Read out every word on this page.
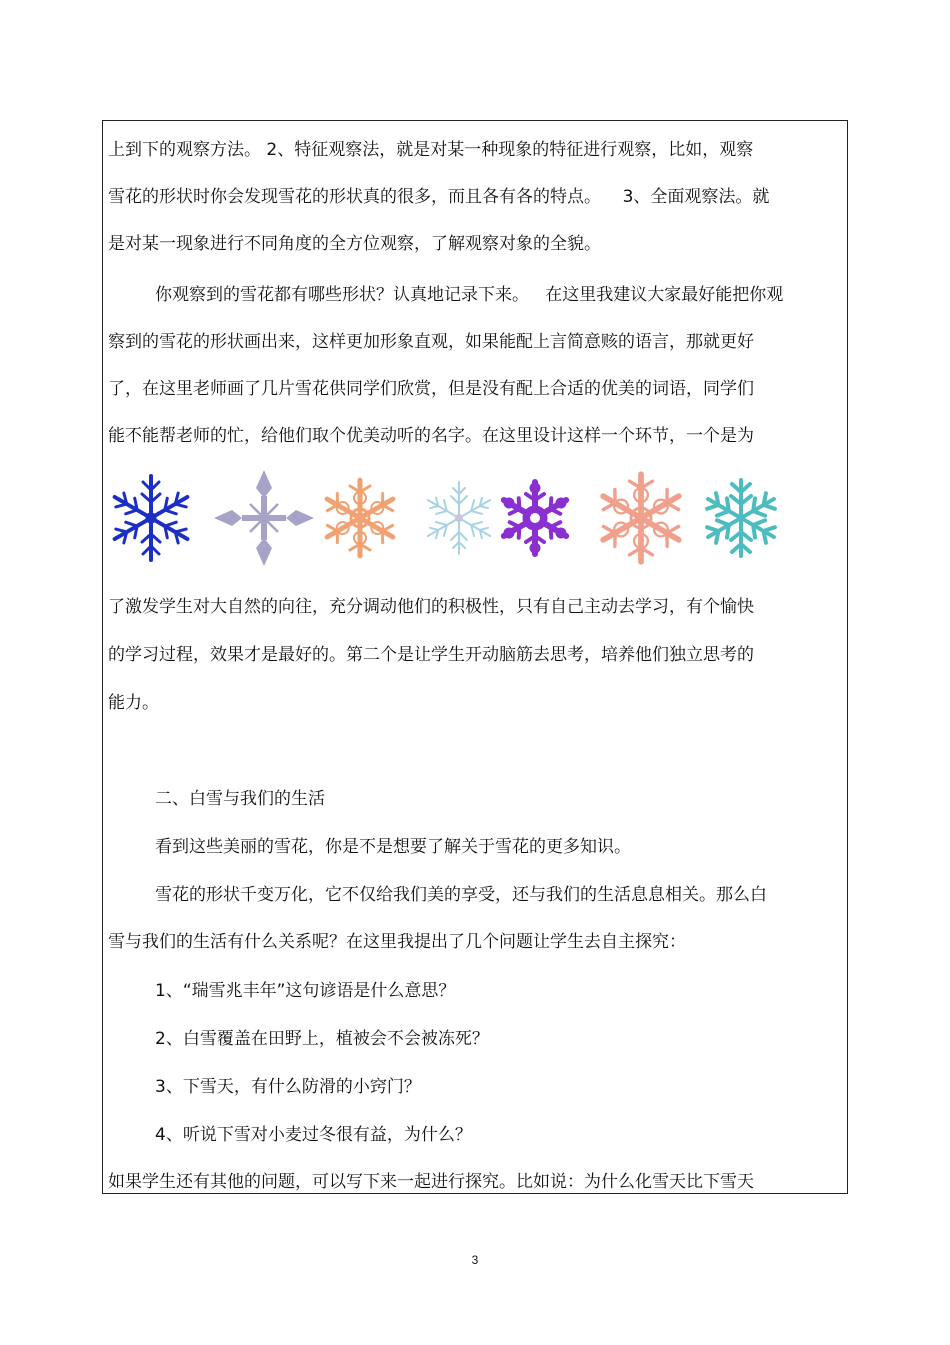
上到下的观察方法。 2、特征观察法，就是对某一种现象的特征进行观察，比如，观察
雪花的形状时你会发现雪花的形状真的很多，而且各有各的特点。    3、全面观察法。就
是对某一现象进行不同角度的全方位观察，了解观察对象的全貌。
你观察到的雪花都有哪些形状？认真地记录下来。   在这里我建议大家最好能把你观
察到的雪花的形状画出来，这样更加形象直观，如果能配上言简意赅的语言，那就更好
了，在这里老师画了几片雪花供同学们欣赏，但是没有配上合适的优美的词语，同学们
能不能帮老师的忙，给他们取个优美动听的名字。在这里设计这样一个环节，一个是为
了激发学生对大自然的向往，充分调动他们的积极性，只有自己主动去学习，有个愉快
的学习过程，效果才是最好的。第二个是让学生开动脑筋去思考，培养他们独立思考的
能力。
二、白雪与我们的生活
看到这些美丽的雪花，你是不是想要了解关于雪花的更多知识。
雪花的形状千变万化，它不仅给我们美的享受，还与我们的生活息息相关。那么白
雪与我们的生活有什么关系呢？在这里我提出了几个问题让学生去自主探究：
1、“瑞雪兆丰年”这句谚语是什么意思？
2、白雪覆盖在田野上，植被会不会被冻死？
3、下雪天，有什么防滑的小窍门？
4、听说下雪对小麦过冬很有益，为什么？
如果学生还有其他的问题，可以写下来一起进行探究。比如说：为什么化雪天比下雪天
3
